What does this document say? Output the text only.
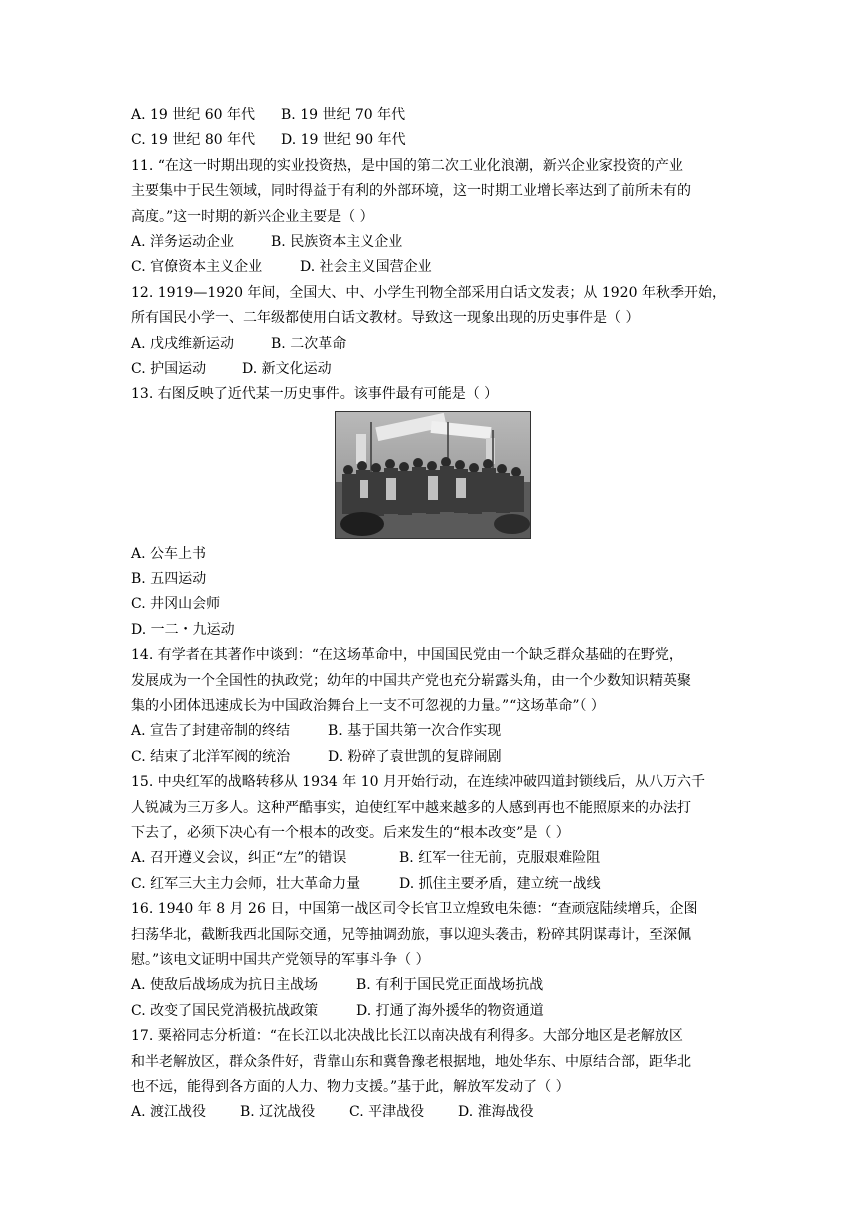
A. 19 世纪 60 年代	B. 19 世纪 70 年代
C. 19 世纪 80 年代	D. 19 世纪 90 年代
11. “在这一时期出现的实业投资热，是中国的第二次工业化浪潮，新兴企业家投资的产业
主要集中于民生领域，同时得益于有利的外部环境，这一时期工业增长率达到了前所未有的
高度。”这一时期的新兴企业主要是（ ）
A. 洋务运动企业	B. 民族资本主义企业
C. 官僚资本主义企业	D. 社会主义国营企业
12. 1919—1920 年间，全国大、中、小学生刊物全部采用白话文发表；从 1920 年秋季开始，
所有国民小学一、二年级都使用白话文教材。导致这一现象出现的历史事件是（ ）
A. 戊戌维新运动	B. 二次革命
C. 护国运动	D. 新文化运动
13. 右图反映了近代某一历史事件。该事件最有可能是（ ）
A. 公车上书
B. 五四运动
C. 井冈山会师
D. 一二・九运动
14. 有学者在其著作中谈到：“在这场革命中，中国国民党由一个缺乏群众基础的在野党，
发展成为一个全国性的执政党；幼年的中国共产党也充分崭露头角，由一个少数知识精英聚
集的小团体迅速成长为中国政治舞台上一支不可忽视的力量。”“这场革命”（ ）
A. 宣告了封建帝制的终结	B. 基于国共第一次合作实现
C. 结束了北洋军阀的统治	D. 粉碎了袁世凯的复辟闹剧
15. 中央红军的战略转移从 1934 年 10 月开始行动，在连续冲破四道封锁线后，从八万六千
人锐减为三万多人。这种严酷事实，迫使红军中越来越多的人感到再也不能照原来的办法打
下去了，必须下决心有一个根本的改变。后来发生的“根本改变”是（ ）
A. 召开遵义会议，纠正“左”的错误	B. 红军一往无前，克服艰难险阻
C. 红军三大主力会师，壮大革命力量	D. 抓住主要矛盾，建立统一战线
16. 1940 年 8 月 26 日，中国第一战区司令长官卫立煌致电朱德：“查顽寇陆续增兵，企图
扫荡华北，截断我西北国际交通，兄等抽调劲旅，事以迎头袭击，粉碎其阴谋毒计，至深佩
慰。”该电文证明中国共产党领导的军事斗争（ ）
A. 使敌后战场成为抗日主战场	B. 有利于国民党正面战场抗战
C. 改变了国民党消极抗战政策	D. 打通了海外援华的物资通道
17. 粟裕同志分析道：“在长江以北决战比长江以南决战有利得多。大部分地区是老解放区
和半老解放区，群众条件好，背靠山东和冀鲁豫老根据地，地处华东、中原结合部，距华北
也不远，能得到各方面的人力、物力支援。”基于此，解放军发动了（ ）
A. 渡江战役	B. 辽沈战役	C. 平津战役	D. 淮海战役
